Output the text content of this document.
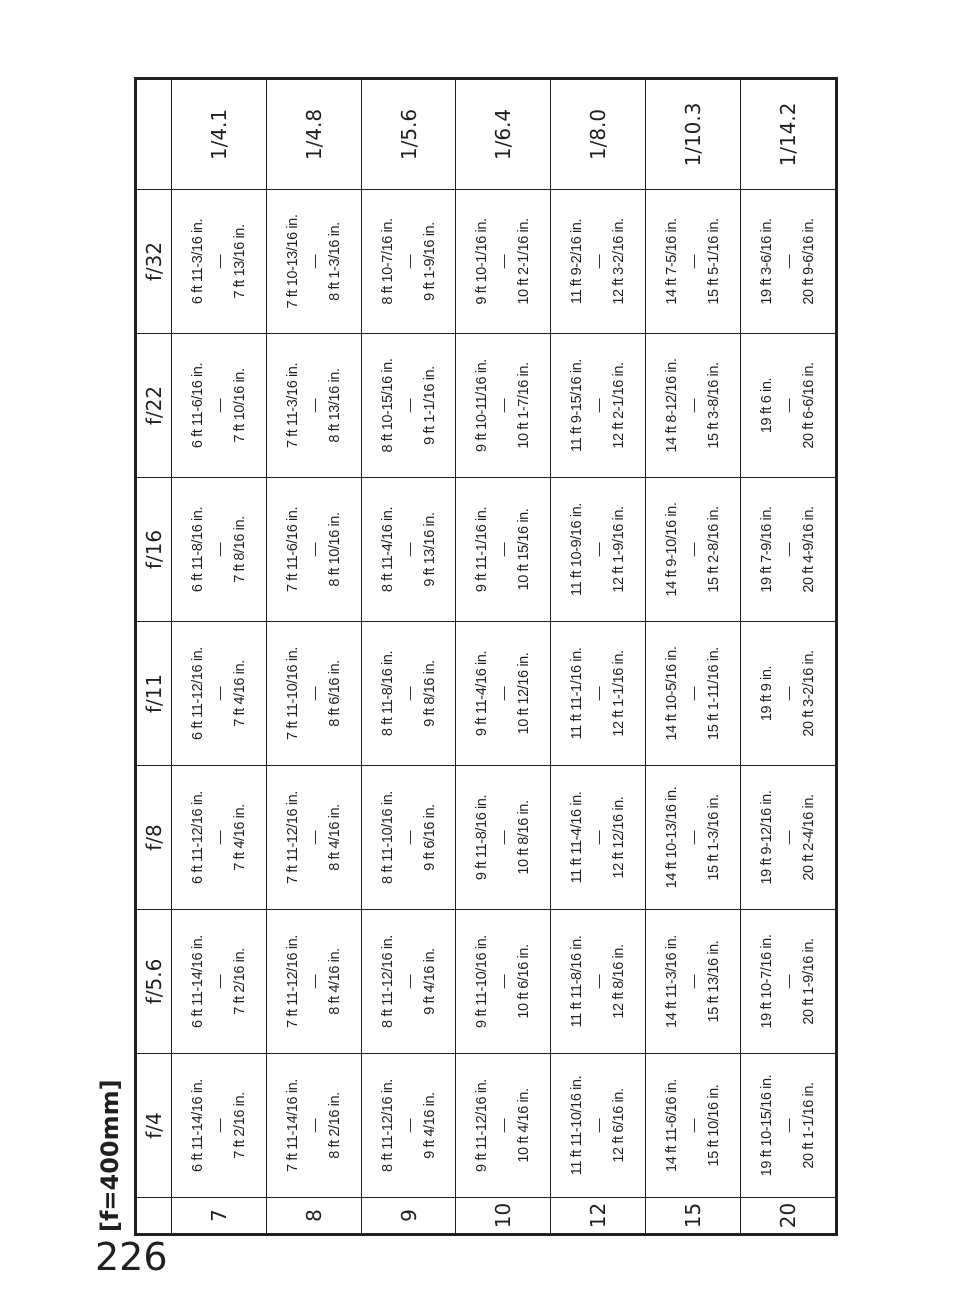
226
[f=400mm]
	f/4	f/5.6	f/8	f/11	f/16	f/22	f/32	
7	6 ft 11-14/16 in. — 7 ft 2/16 in.	6 ft 11-14/16 in. — 7 ft 2/16 in.	6 ft 11-12/16 in. — 7 ft 4/16 in.	6 ft 11-12/16 in. — 7 ft 4/16 in.	6 ft 11-8/16 in. — 7 ft 8/16 in.	6 ft 11-6/16 in. — 7 ft 10/16 in.	6 ft 11-3/16 in. — 7 ft 13/16 in.	1/4.1
8	7 ft 11-14/16 in. — 8 ft 2/16 in.	7 ft 11-12/16 in. — 8 ft 4/16 in.	7 ft 11-12/16 in. — 8 ft 4/16 in.	7 ft 11-10/16 in. — 8 ft 6/16 in.	7 ft 11-6/16 in. — 8 ft 10/16 in.	7 ft 11-3/16 in. — 8 ft 13/16 in.	7 ft 10-13/16 in. — 8 ft 1-3/16 in.	1/4.8
9	8 ft 11-12/16 in. — 9 ft 4/16 in.	8 ft 11-12/16 in. — 9 ft 4/16 in.	8 ft 11-10/16 in. — 9 ft 6/16 in.	8 ft 11-8/16 in. — 9 ft 8/16 in.	8 ft 11-4/16 in. — 9 ft 13/16 in.	8 ft 10-15/16 in. — 9 ft 1-1/16 in.	8 ft 10-7/16 in. — 9 ft 1-9/16 in.	1/5.6
10	9 ft 11-12/16 in. — 10 ft 4/16 in.	9 ft 11-10/16 in. — 10 ft 6/16 in.	9 ft 11-8/16 in. — 10 ft 8/16 in.	9 ft 11-4/16 in. — 10 ft 12/16 in.	9 ft 11-1/16 in. — 10 ft 15/16 in.	9 ft 10-11/16 in. — 10 ft 1-7/16 in.	9 ft 10-1/16 in. — 10 ft 2-1/16 in.	1/6.4
12	11 ft 11-10/16 in. — 12 ft 6/16 in.	11 ft 11-8/16 in. — 12 ft 8/16 in.	11 ft 11-4/16 in. — 12 ft 12/16 in.	11 ft 11-1/16 in. — 12 ft 1-1/16 in.	11 ft 10-9/16 in. — 12 ft 1-9/16 in.	11 ft 9-15/16 in. — 12 ft 2-1/16 in.	11 ft 9-2/16 in. — 12 ft 3-2/16 in.	1/8.0
15	14 ft 11-6/16 in. — 15 ft 10/16 in.	14 ft 11-3/16 in. — 15 ft 13/16 in.	14 ft 10-13/16 in. — 15 ft 1-3/16 in.	14 ft 10-5/16 in. — 15 ft 1-11/16 in.	14 ft 9-10/16 in. — 15 ft 2-8/16 in.	14 ft 8-12/16 in. — 15 ft 3-8/16 in.	14 ft 7-5/16 in. — 15 ft 5-1/16 in.	1/10.3
20	19 ft 10-15/16 in. — 20 ft 1-1/16 in.	19 ft 10-7/16 in. — 20 ft 1-9/16 in.	19 ft 9-12/16 in. — 20 ft 2-4/16 in.	19 ft 9 in. — 20 ft 3-2/16 in.	19 ft 7-9/16 in. — 20 ft 4-9/16 in.	19 ft 6 in. — 20 ft 6-6/16 in.	19 ft 3-6/16 in. — 20 ft 9-6/16 in.	1/14.2
